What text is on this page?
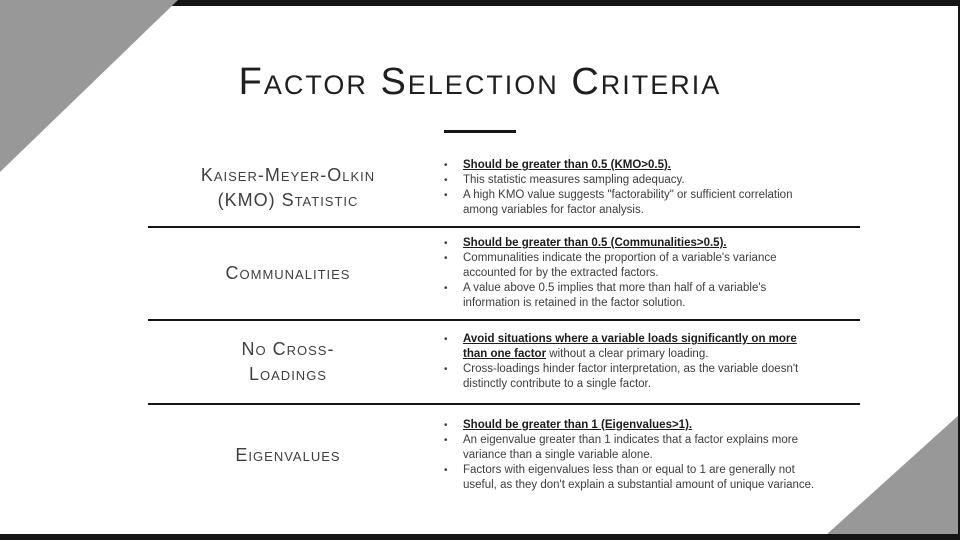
Factor Selection Criteria
Kaiser-Meyer-Olkin
(KMO) Statistic
•	Should be greater than 0.5 (KMO>0.5).
•	This statistic measures sampling adequacy.
•	A high KMO value suggests "factorability" or sufficient correlation among variables for factor analysis.
Communalities
•	Should be greater than 0.5 (Communalities>0.5).
•	Communalities indicate the proportion of a variable's variance accounted for by the extracted factors.
•	A value above 0.5 implies that more than half of a variable's information is retained in the factor solution.
No Cross-
Loadings
•	Avoid situations where a variable loads significantly on more than one factor without a clear primary loading.
•	Cross-loadings hinder factor interpretation, as the variable doesn't distinctly contribute to a single factor.
Eigenvalues
•	Should be greater than 1 (Eigenvalues>1).
•	An eigenvalue greater than 1 indicates that a factor explains more variance than a single variable alone.
•	Factors with eigenvalues less than or equal to 1 are generally not useful, as they don't explain a substantial amount of unique variance.
